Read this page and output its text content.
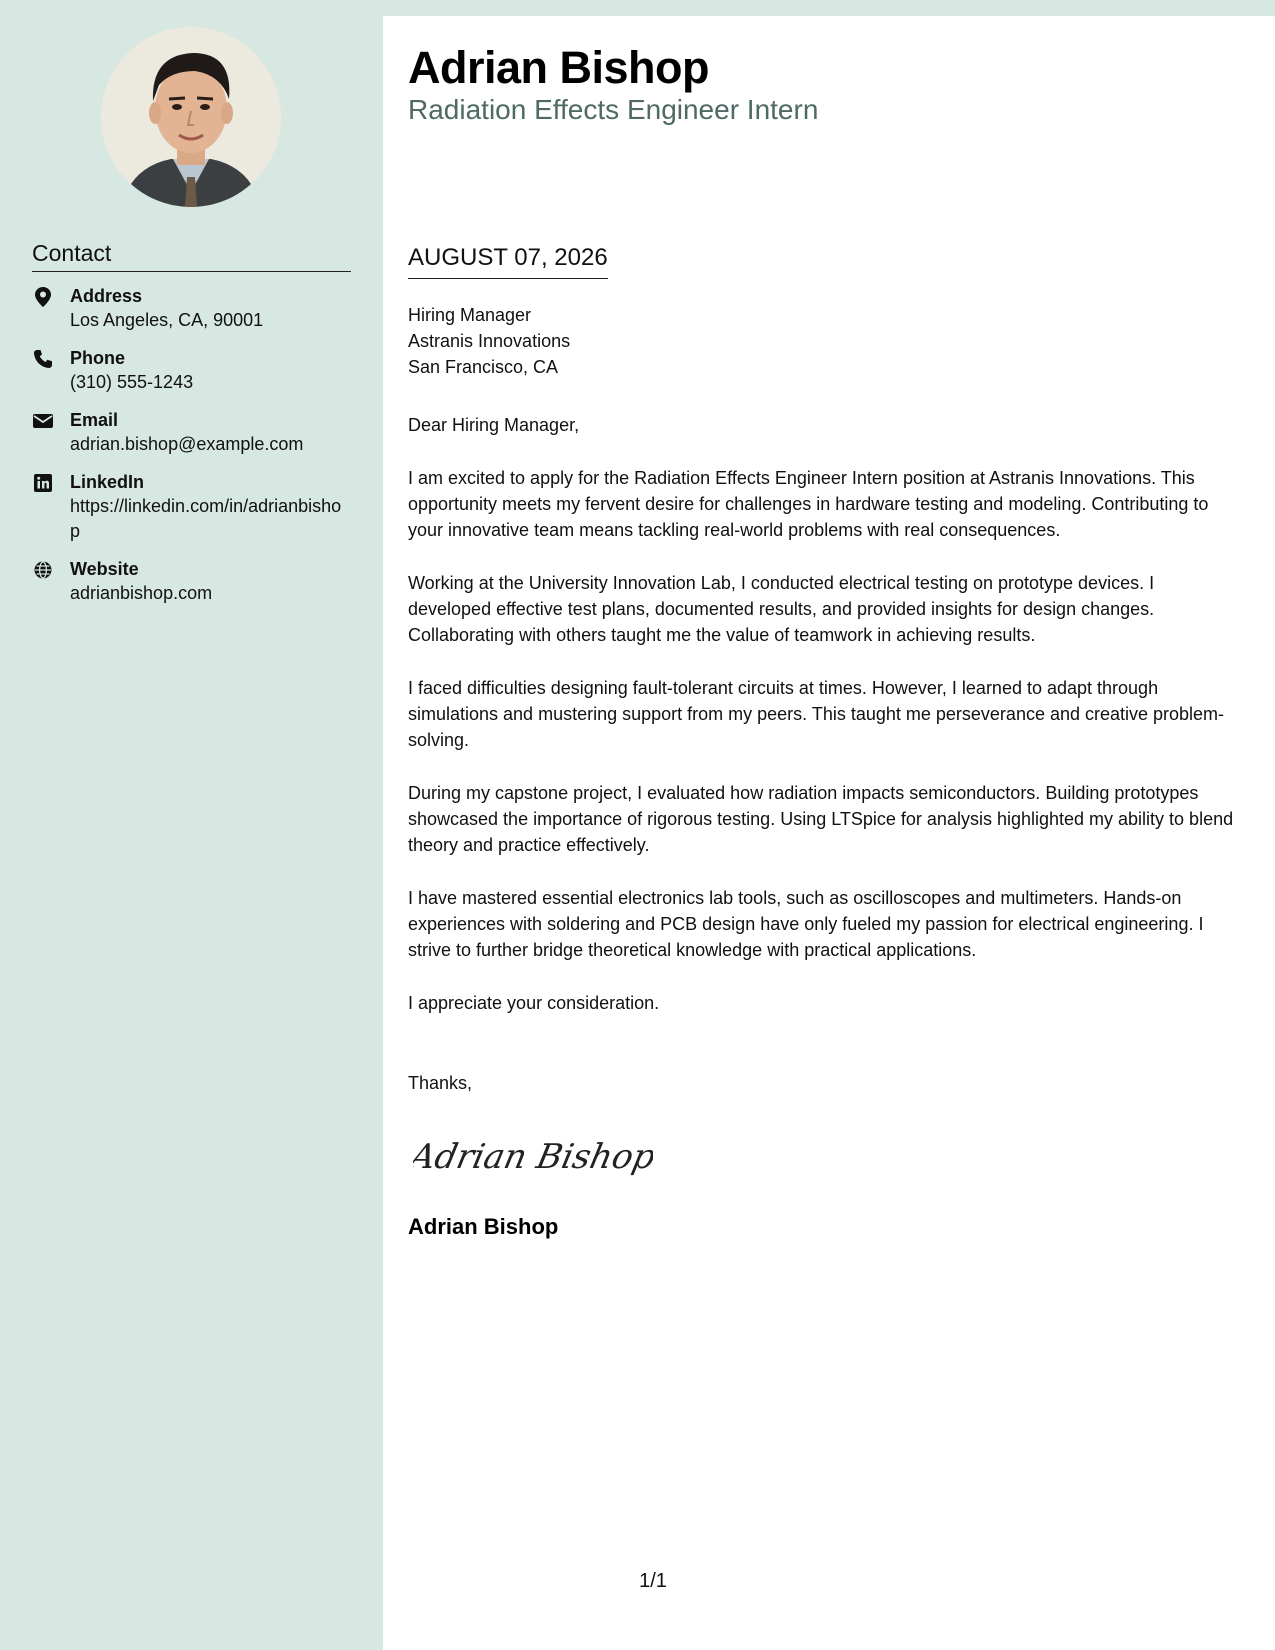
Contact
Address
Los Angeles, CA, 90001
Phone
(310) 555-1243
Email
adrian.bishop@example.com
LinkedIn
https://linkedin.com/in/adrianbishop
Website
adrianbishop.com
Adrian Bishop
Radiation Effects Engineer Intern
AUGUST 07, 2026
Hiring Manager
Astranis Innovations
San Francisco, CA

Dear Hiring Manager,

I am excited to apply for the Radiation Effects Engineer Intern position at Astranis Innovations. This opportunity meets my fervent desire for challenges in hardware testing and modeling. Contributing to your innovative team means tackling real-world problems with real consequences.

Working at the University Innovation Lab, I conducted electrical testing on prototype devices. I developed effective test plans, documented results, and provided insights for design changes. Collaborating with others taught me the value of teamwork in achieving results.

I faced difficulties designing fault-tolerant circuits at times. However, I learned to adapt through simulations and mustering support from my peers. This taught me perseverance and creative problem-solving.

During my capstone project, I evaluated how radiation impacts semiconductors. Building prototypes showcased the importance of rigorous testing. Using LTSpice for analysis highlighted my ability to blend theory and practice effectively.

I have mastered essential electronics lab tools, such as oscilloscopes and multimeters. Hands-on experiences with soldering and PCB design have only fueled my passion for electrical engineering. I strive to further bridge theoretical knowledge with practical applications.

I appreciate your consideration.

Thanks,
Adrian Bishop
Adrian Bishop
1/1
